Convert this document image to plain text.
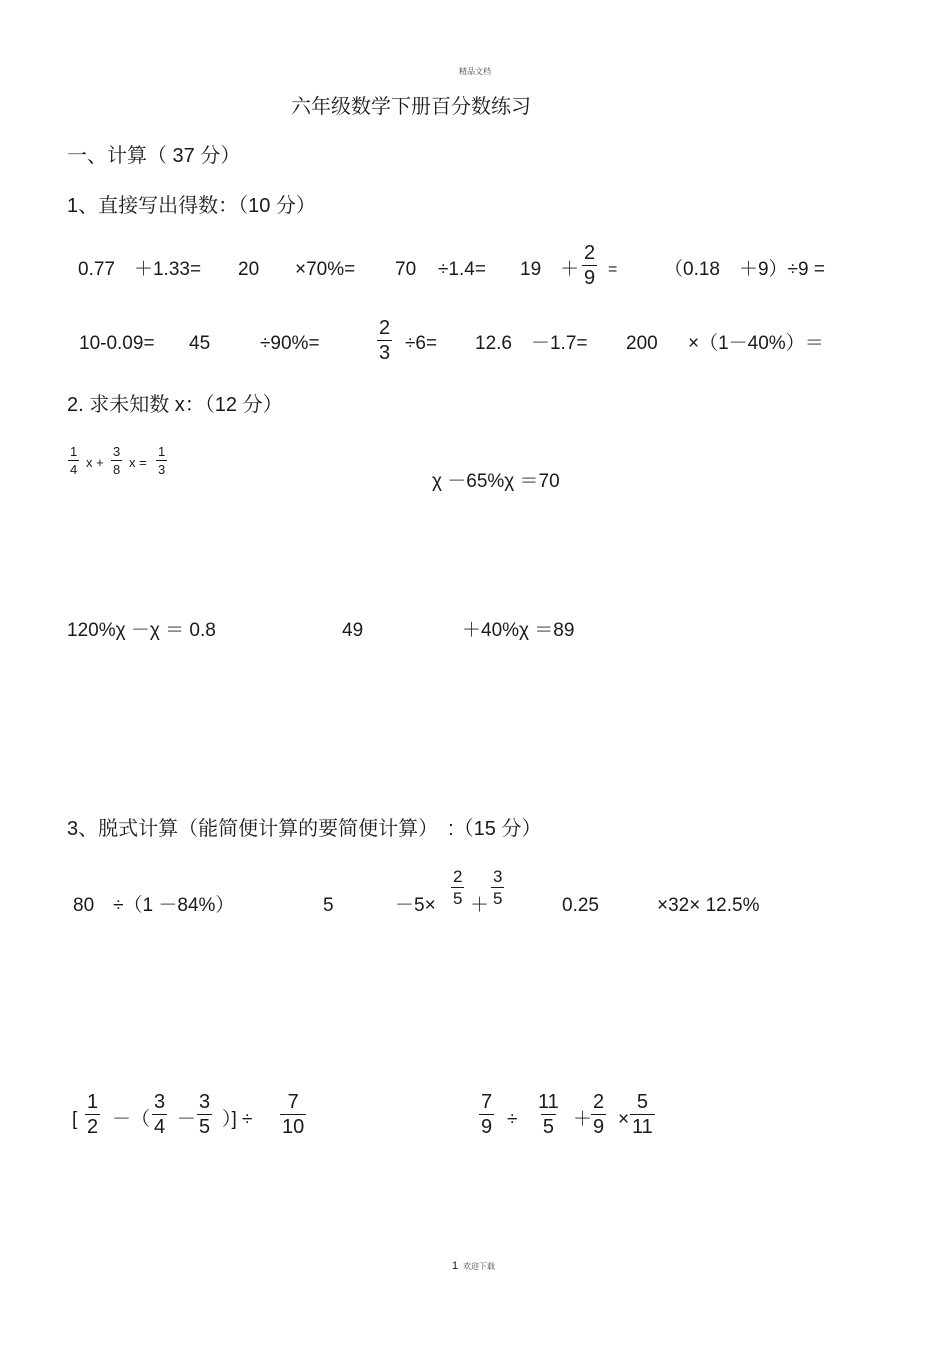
精品文档
六年级数学下册百分数练习
一、计算（ 37 分）
1、直接写出得数：（10 分）
0.77　＋1.33= 20 ×70%= 70 ÷1.4= 19　＋ $\frac{2}{9} = (0.18$　＋9）÷9 =
10-0.09= 45	÷90%=	$\frac{2}{3} \div 6= 12.6$　－1.7= 200 ×（1－40%）＝
2. 求未知数 x：（12 分）
$\frac{1}{4}$ $x + \frac{3}{8}$ $x = \frac{1}{3}$
χ －65%χ ＝70
120%χ －χ ＝ 0.8	49	＋40%χ ＝89
3、脱式计算（能简便计算的要简便计算）　:（15 分）
80　÷（1 －84%）	5	$-5\times \frac{2}{5} + \frac{3}{5}$	0.25	×32× 12.5%
[ $\frac{1}{2}$ －（ $\frac{3}{4} - \frac{3}{5}$ ）] ÷ $\frac{7}{10}$	$\frac{7}{9} \div \frac{11}{5}$ ＋
$\frac{2}{9} \times \frac{5}{11}$
1 欢迎下载
